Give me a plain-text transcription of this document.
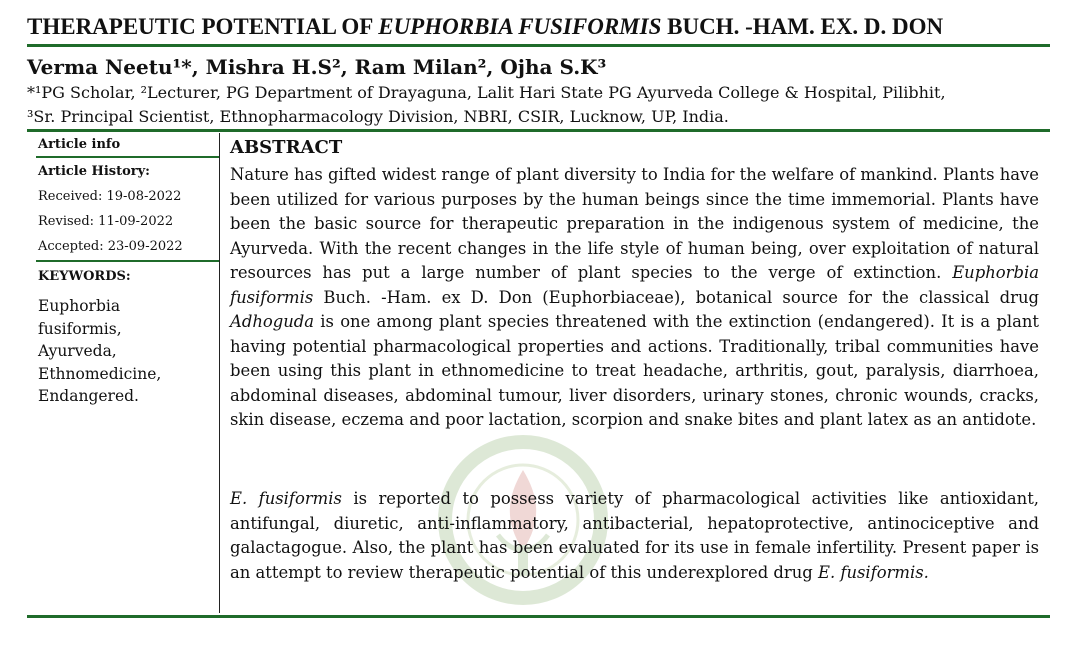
THERAPEUTIC POTENTIAL OF EUPHORBIA FUSIFORMIS BUCH. -HAM. EX. D. DON
Verma Neetu¹*, Mishra H.S², Ram Milan², Ojha S.K³
*¹PG Scholar, ²Lecturer, PG Department of Drayaguna, Lalit Hari State PG Ayurveda College & Hospital, Pilibhit,
³Sr. Principal Scientist, Ethnopharmacology Division, NBRI, CSIR, Lucknow, UP, India.
Article info
Article History:
Received: 19-08-2022
Revised: 11-09-2022
Accepted: 23-09-2022
KEYWORDS:
Euphorbia
fusiformis,
Ayurveda,
Ethnomedicine,
Endangered.
ABSTRACT

Nature has gifted widest range of plant diversity to India for the welfare of mankind. Plants have been utilized for various purposes by the human beings since the time immemorial. Plants have been the basic source for therapeutic preparation in the indigenous system of medicine, the Ayurveda. With the recent changes in the life style of human being, over exploitation of natural resources has put a large number of plant species to the verge of extinction. Euphorbia fusiformis Buch. -Ham. ex D. Don (Euphorbiaceae), botanical source for the classical drug Adhoguda is one among plant species threatened with the extinction (endangered). It is a plant having potential pharmacological properties and actions. Traditionally, tribal communities have been using this plant in ethnomedicine to treat headache, arthritis, gout, paralysis, diarrhoea, abdominal diseases, abdominal tumour, liver disorders, urinary stones, chronic wounds, cracks, skin disease, eczema and poor lactation, scorpion and snake bites and plant latex as an antidote.

E. fusiformis is reported to possess variety of pharmacological activities like antioxidant, antifungal, diuretic, anti-inflammatory, antibacterial, hepatoprotective, antinociceptive and galactagogue. Also, the plant has been evaluated for its use in female infertility. Present paper is an attempt to review therapeutic potential of this underexplored drug E. fusiformis.
